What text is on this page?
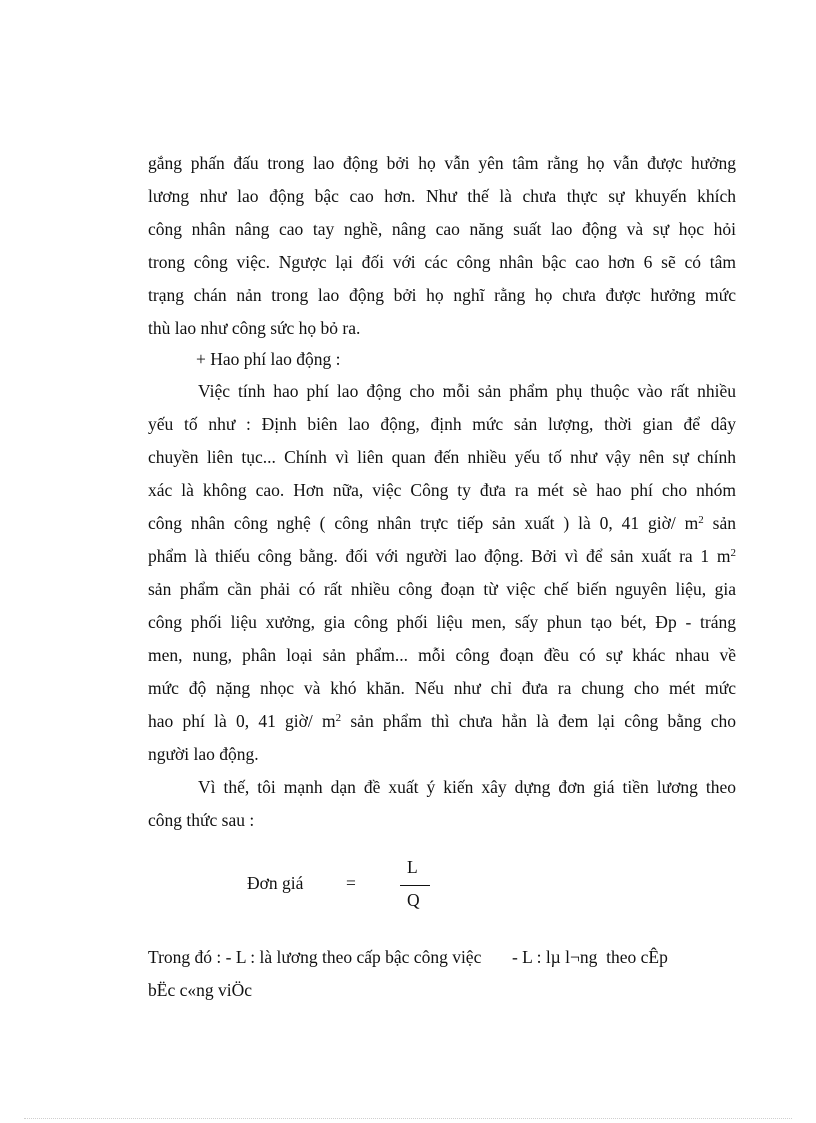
gắng phấn đấu trong lao động bởi họ vẫn yên tâm rằng họ vẫn được hưởng
lương như lao động bậc cao hơn. Như thế là chưa thực sự khuyến khích
công nhân nâng cao tay nghề, nâng cao năng suất lao động và sự học hỏi
trong công việc. Ngược lại đối với các công nhân bậc cao hơn 6 sẽ có tâm
trạng chán nản trong lao động bởi họ nghĩ rằng họ chưa được hưởng mức
thù lao như công sức họ bỏ ra.
+ Hao phí lao động :
Việc tính hao phí lao động cho mỗi sản phẩm phụ thuộc vào rất nhiều
yếu tố như : Định biên lao động, định mức sản lượng, thời gian để dây
chuyền liên tục... Chính vì liên quan đến nhiều yếu tố như vậy nên sự chính
xác là không cao. Hơn nữa, việc Công ty đưa ra mét sè hao phí cho nhóm
công nhân công nghệ ( công nhân trực tiếp sản xuất ) là 0, 41 giờ/ $m^2$ sản
phẩm là thiếu công bằng. đối với người lao động. Bởi vì để sản xuất ra 1 $m^2$
sản phẩm cần phải có rất nhiều công đoạn từ việc chế biến nguyên liệu, gia
công phối liệu xưởng, gia công phối liệu men, sấy phun tạo bét, Đp - tráng
men, nung, phân loại sản phẩm... mỗi công đoạn đều có sự khác nhau về
mức độ nặng nhọc và khó khăn. Nếu như chỉ đưa ra chung cho mét mức
hao phí là 0, 41 giờ/ $m^2$ sản phẩm thì chưa hẳn là đem lại công bằng cho
người lao động.
Vì thế, tôi mạnh dạn đề xuất ý kiến xây dựng đơn giá tiền lương theo
công thức sau :
Đơn giá =
L
Q
Trong đó : - L : là lương theo cấp bậc công việc       - L : lµ l¬ng  theo cÊp
bËc c«ng viÖc
